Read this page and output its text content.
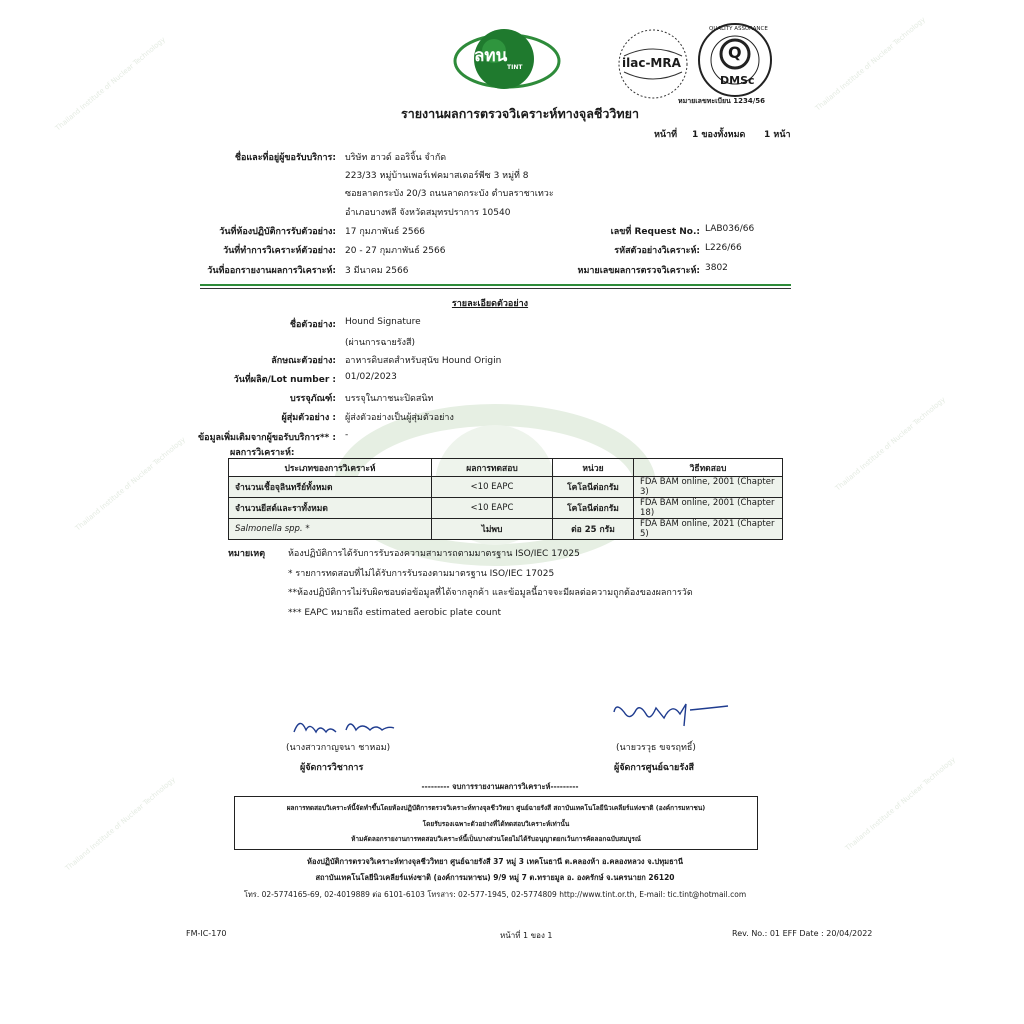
Thailand Institute of Nuclear Technology	Thailand Institute of Nuclear Technology
Thailand Institute of Nuclear Technology	Thailand Institute of Nuclear Technology
Thailand Institute of Nuclear Technology	Thailand Institute of Nuclear Technology
ลทน
TINT	ilac-MRA
Q
DMSc
QUALITY ASSURANCE
หมายเลขทะเบียน 1234/56
รายงานผลการตรวจวิเคราะห์ทางจุลชีววิทยา
หน้าที่ 1 ของทั้งหมด 1 หน้า
ชื่อและที่อยู่ผู้ขอรับบริการ: บริษัท ฮาวด์ ออริจิ้น จำกัด
223/33 หมู่บ้านเพอร์เฟคมาสเตอร์พีซ 3 หมู่ที่ 8
ซอยลาดกระบัง 20/3 ถนนลาดกระบัง ตำบลราชาเทวะ
อำเภอบางพลี จังหวัดสมุทรปราการ 10540
วันที่ห้องปฏิบัติการรับตัวอย่าง: 17 กุมภาพันธ์ 2566
วันที่ทำการวิเคราะห์ตัวอย่าง: 20 - 27 กุมภาพันธ์ 2566
วันที่ออกรายงานผลการวิเคราะห์: 3 มีนาคม 2566
เลขที่ Request No.: LAB036/66
รหัสตัวอย่างวิเคราะห์: L226/66
หมายเลขผลการตรวจวิเคราะห์: 3802
รายละเอียดตัวอย่าง
ชื่อตัวอย่าง: Hound Signature
(ผ่านการฉายรังสี)
ลักษณะตัวอย่าง: อาหารดิบสดสำหรับสุนัข Hound Origin
วันที่ผลิต/Lot number : 01/02/2023
บรรจุภัณฑ์: บรรจุในภาชนะปิดสนิท
ผู้สุ่มตัวอย่าง : ผู้ส่งตัวอย่างเป็นผู้สุ่มตัวอย่าง
ข้อมูลเพิ่มเติมจากผู้ขอรับบริการ** : -
ผลการวิเคราะห์:
ประเภทของการวิเคราะห์	ผลการทดสอบ	หน่วย	วิธีทดสอบ
จำนวนเชื้อจุลินทรีย์ทั้งหมด	<10 EAPC	โคโลนีต่อกรัม	FDA BAM online, 2001 (Chapter 3)
จำนวนยีสต์และราทั้งหมด	<10 EAPC	โคโลนีต่อกรัม	FDA BAM online, 2001 (Chapter 18)
Salmonella spp. *	ไม่พบ	ต่อ 25 กรัม	FDA BAM online, 2021 (Chapter 5)
หมายเหตุ	ห้องปฏิบัติการได้รับการรับรองความสามารถตามมาตรฐาน ISO/IEC 17025
* รายการทดสอบที่ไม่ได้รับการรับรองตามมาตรฐาน ISO/IEC 17025
**ห้องปฏิบัติการไม่รับผิดชอบต่อข้อมูลที่ได้จากลูกค้า และข้อมูลนี้อาจจะมีผลต่อความถูกต้องของผลการวัด
*** EAPC หมายถึง estimated aerobic plate count
(นางสาวกาญจนา ชาหอม)
ผู้จัดการวิชาการ
(นายวรวุธ ขจรฤทธิ์)
ผู้จัดการศูนย์ฉายรังสี
--------- จบการรายงานผลการวิเคราะห์---------
ผลการทดสอบวิเคราะห์นี้จัดทำขึ้นโดยห้องปฏิบัติการตรวจวิเคราะห์ทางจุลชีววิทยา ศูนย์ฉายรังสี สถาบันเทคโนโลยีนิวเคลียร์แห่งชาติ (องค์การมหาชน)
โดยรับรองเฉพาะตัวอย่างที่ได้ทดสอบวิเคราะห์เท่านั้น
ห้ามคัดลอกรายงานการทดสอบวิเคราะห์นี้เป็นบางส่วนโดยไม่ได้รับอนุญาตยกเว้นการคัดลอกฉบับสมบูรณ์
ห้องปฏิบัติการตรวจวิเคราะห์ทางจุลชีววิทยา ศูนย์ฉายรังสี 37 หมู่ 3 เทคโนธานี ต.คลองห้า อ.คลองหลวง จ.ปทุมธานี
สถาบันเทคโนโลยีนิวเคลียร์แห่งชาติ (องค์การมหาชน) 9/9 หมู่ 7 ต.ทรายมูล อ. องครักษ์ จ.นครนายก 26120
โทร. 02-5774165-69, 02-4019889 ต่อ 6101-6103 โทรสาร: 02-577-1945, 02-5774809 http://www.tint.or.th, E-mail: tic.tint@hotmail.com
FM-IC-170	หน้าที่ 1 ของ 1	Rev. No.: 01 EFF Date : 20/04/2022
